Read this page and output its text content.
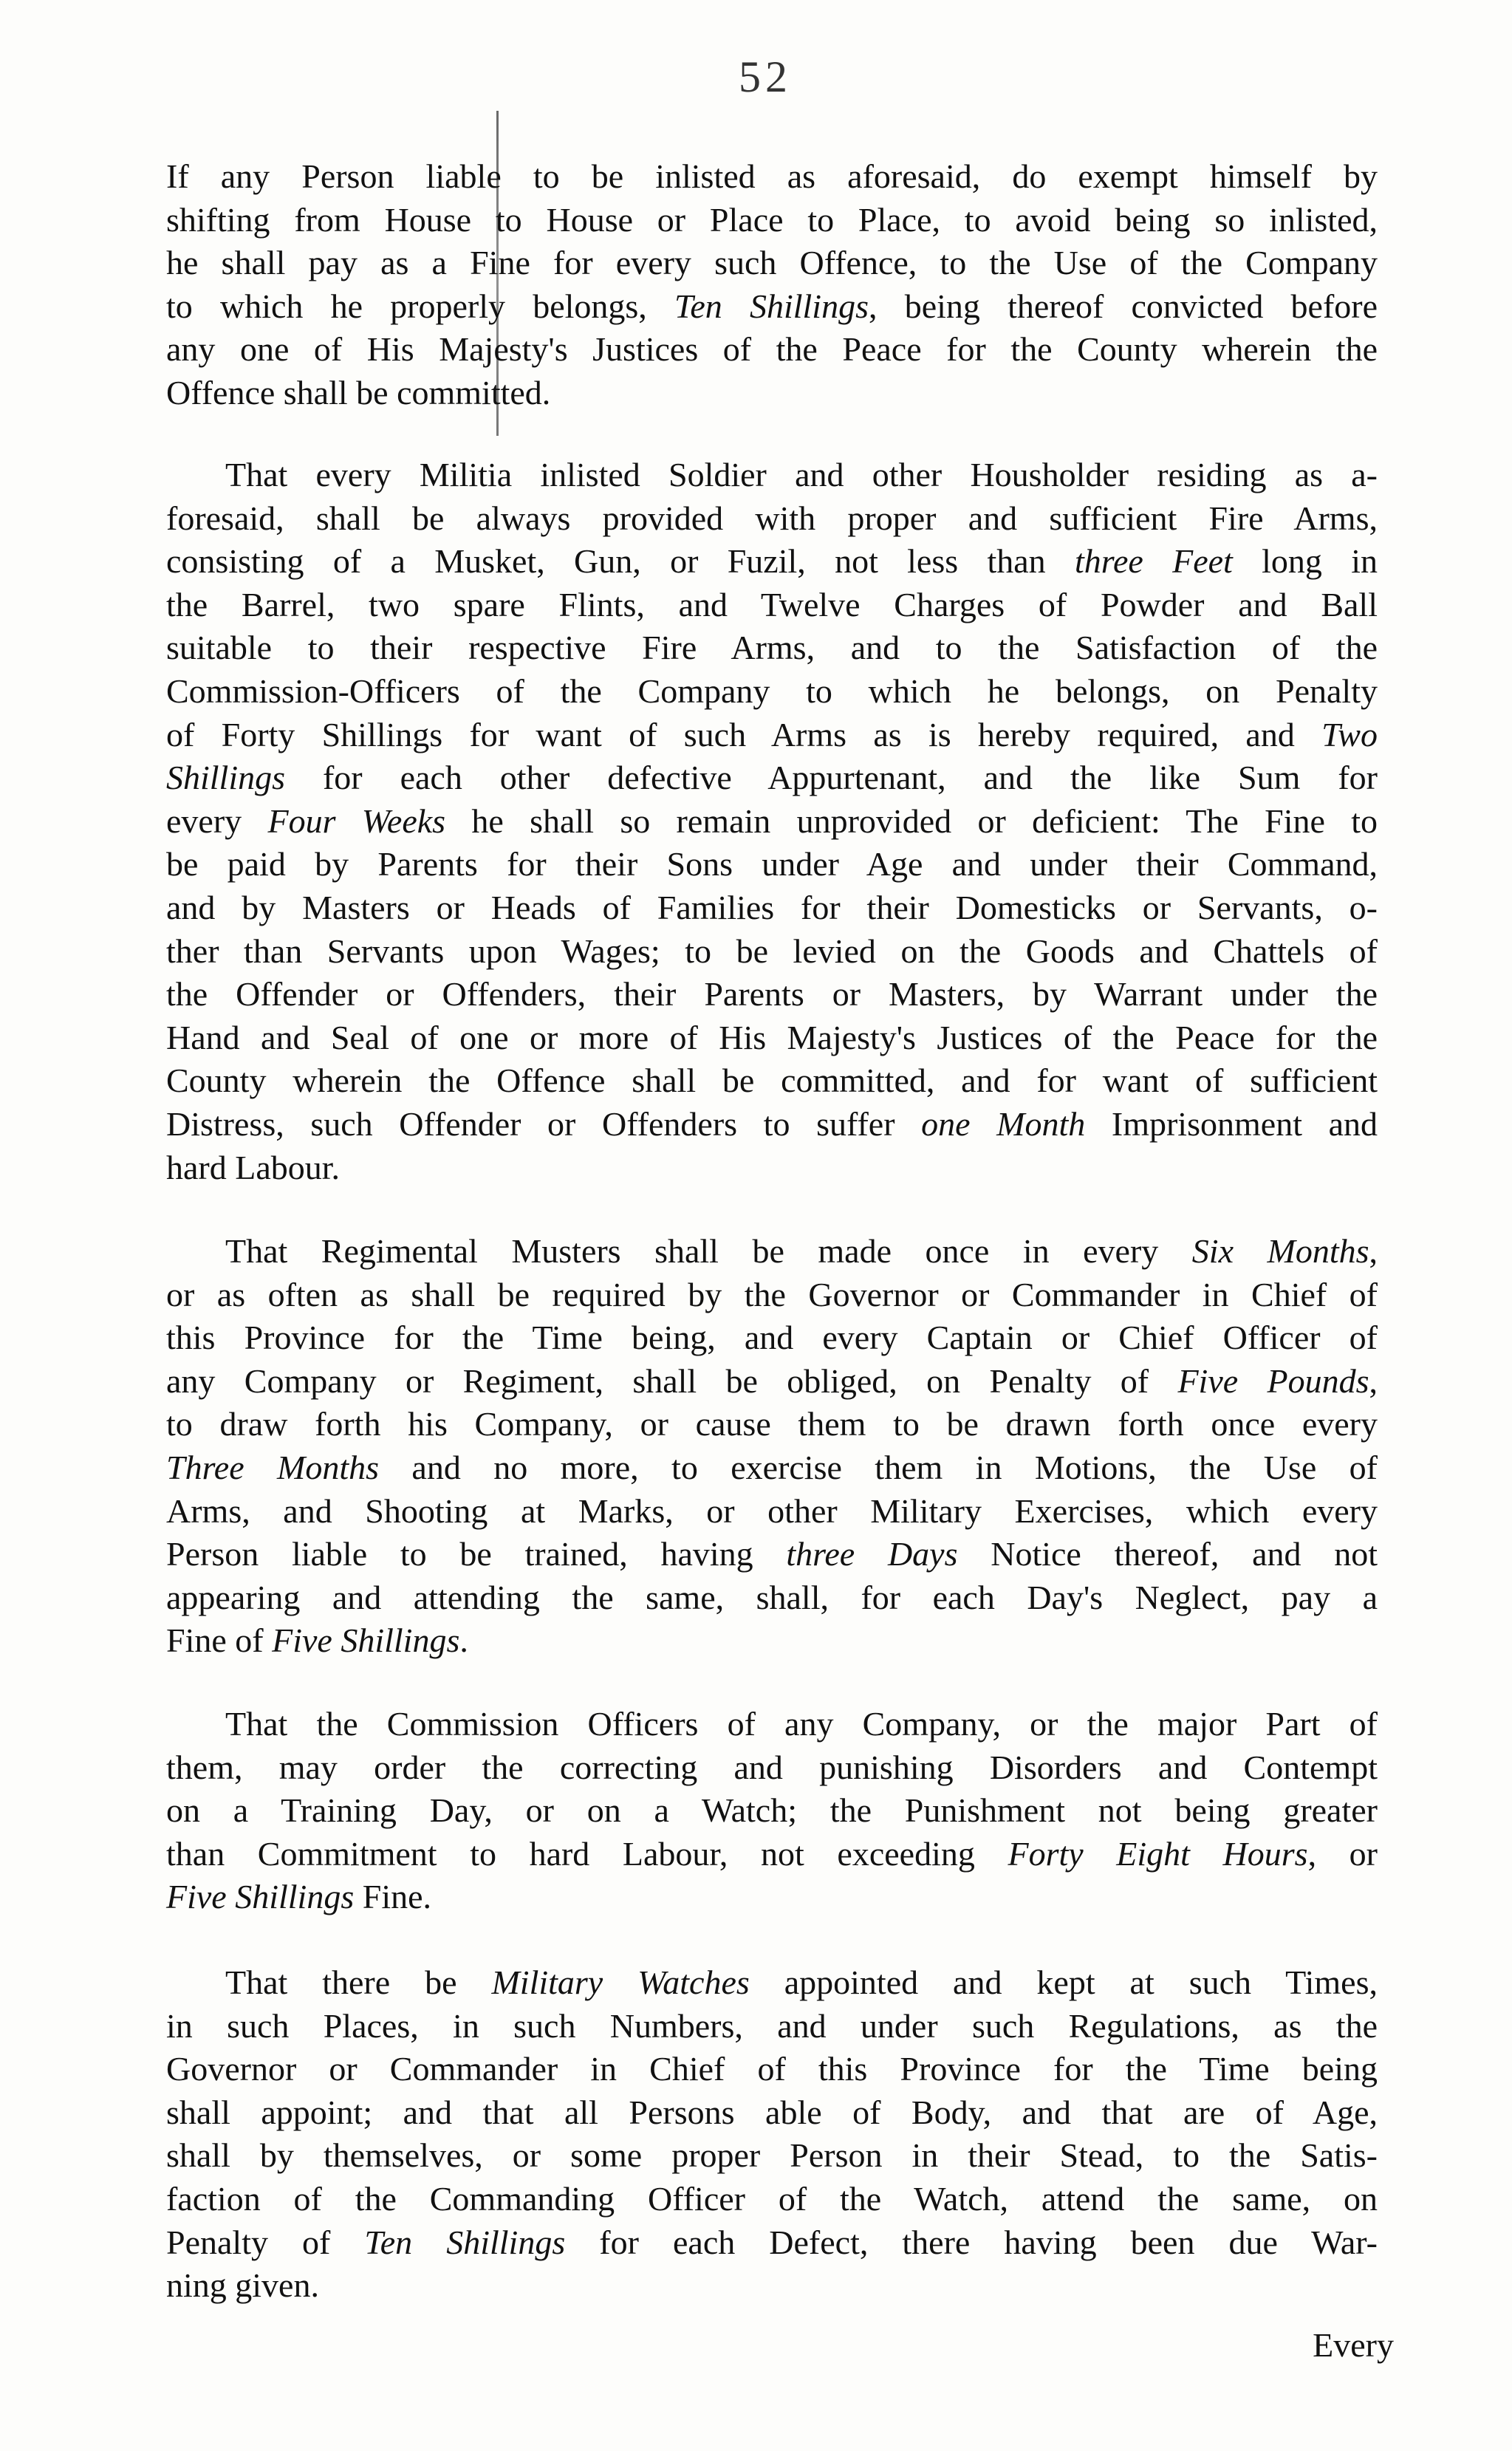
52
If any Person liable to be inlisted as aforesaid, do exempt himself by
shifting from House to House or Place to Place, to avoid being so inlisted,
he shall pay as a Fine for every such Offence, to the Use of the Company
to which he properly belongs, Ten Shillings, being thereof convicted before
any one of His Majesty's Justices of the Peace for the County wherein the
Offence shall be committed.
That every Militia inlisted Soldier and other Housholder residing as a-
foresaid, shall be always provided with proper and sufficient Fire Arms,
consisting of a Musket, Gun, or Fuzil, not less than three Feet long in
the Barrel, two spare Flints, and Twelve Charges of Powder and Ball
suitable to their respective Fire Arms, and to the Satisfaction of the
Commission-Officers of the Company to which he belongs, on Penalty
of Forty Shillings for want of such Arms as is hereby required, and Two
Shillings for each other defective Appurtenant, and the like Sum for
every Four Weeks he shall so remain unprovided or deficient: The Fine to
be paid by Parents for their Sons under Age and under their Command,
and by Masters or Heads of Families for their Domesticks or Servants, o-
ther than Servants upon Wages; to be levied on the Goods and Chattels of
the Offender or Offenders, their Parents or Masters, by Warrant under the
Hand and Seal of one or more of His Majesty's Justices of the Peace for the
County wherein the Offence shall be committed, and for want of sufficient
Distress, such Offender or Offenders to suffer one Month Imprisonment and
hard Labour.
That Regimental Musters shall be made once in every Six Months,
or as often as shall be required by the Governor or Commander in Chief of
this Province for the Time being, and every Captain or Chief Officer of
any Company or Regiment, shall be obliged, on Penalty of Five Pounds,
to draw forth his Company, or cause them to be drawn forth once every
Three Months and no more, to exercise them in Motions, the Use of
Arms, and Shooting at Marks, or other Military Exercises, which every
Person liable to be trained, having three Days Notice thereof, and not
appearing and attending the same, shall, for each Day's Neglect, pay a
Fine of Five Shillings.
That the Commission Officers of any Company, or the major Part of
them, may order the correcting and punishing Disorders and Contempt
on a Training Day, or on a Watch; the Punishment not being greater
than Commitment to hard Labour, not exceeding Forty Eight Hours, or
Five Shillings Fine.
That there be Military Watches appointed and kept at such Times,
in such Places, in such Numbers, and under such Regulations, as the
Governor or Commander in Chief of this Province for the Time being
shall appoint; and that all Persons able of Body, and that are of Age,
shall by themselves, or some proper Person in their Stead, to the Satis-
faction of the Commanding Officer of the Watch, attend the same, on
Penalty of Ten Shillings for each Defect, there having been due War-
ning given.
Every
